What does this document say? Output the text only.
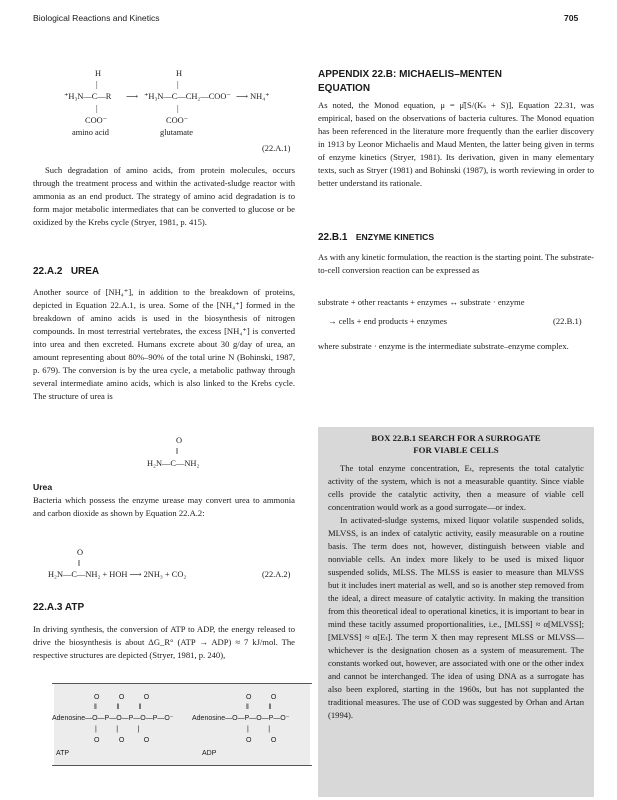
Biological Reactions and Kinetics	705
H	H
|	|
⁺H₃N—C—R ⟶ ⁺H₃N—C—CH₂—COO⁻ ⟶ NH₄⁺
|	|
COO⁻	COO⁻
amino acid	glutamate
(22.A.1)

Such degradation of amino acids, from protein molecules, occurs through the treatment process and within the activated-sludge reactor with ammonia as an end product. The strategy of amino acid degradation is to form major metabolic intermediates that can be converted to glucose or be oxidized by the Krebs cycle (Stryer, 1981, p. 415).

22.A.2 UREA

Another source of [NH₄⁺], in addition to the breakdown of proteins, depicted in Equation 22.A.1, is urea. Some of the [NH₄⁺] formed in the breakdown of amino acids is used in the biosynthesis of nitrogen compounds. In most terrestrial vertebrates, the excess [NH₄⁺] is converted into urea and then excreted. Humans excrete about 30 g/day of urea, an amount representing about 80%–90% of the total urine N (Bohinski, 1987, p. 679). The conversion is by the urea cycle, a metabolic pathway through several intermediate amino acids, which is also linked to the Krebs cycle. The structure of urea is

O
‖
H₂N—C—NH₂
Urea

Bacteria which possess the enzyme urease may convert urea to ammonia and carbon dioxide as shown by Equation 22.A.2:

O
‖
H₂N—C—NH₂ + HOH ⟶ 2NH₃ + CO₂	(22.A.2)
22.A.3 ATP

In driving synthesis, the conversion of ATP to ADP, the energy released to drive the biosynthesis is about ΔG_R° (ATP → ADP) ≈ 7 kJ/mol. The respective structures are depicted (Stryer, 1981, p. 240),

O          O          O
‖          ‖          ‖
Adenosine—O—P—O—P—O—P—O⁻
|          |          |
O          O          O
O          O
‖          ‖
Adenosine—O—P—O—P—O⁻
|          |
O          O
ATP	ADP
APPENDIX 22.B: MICHAELIS–MENTEN
EQUATION

As noted, the Monod equation, μ = μ̂[S/(Kₛ + S)], Equation 22.31, was empirical, based on the observations of bacteria cultures. The Monod equation has been referenced in the literature more frequently than the earlier discovery in 1913 by Leonor Michaelis and Maud Menten, the latter being given in terms of enzyme kinetics (Stryer, 1981). Its derivation, given in many elementary texts, such as Stryer (1981) and Bohinski (1987), is worth reviewing in order to better understand its rationale.

22.B.1 ENZYME KINETICS

As with any kinetic formulation, the reaction is the starting point. The substrate-to-cell conversion reaction can be expressed as

substrate + other reactants + enzymes ↔ substrate · enzyme
→ cells + end products + enzymes	(22.B.1)

where substrate · enzyme is the intermediate substrate–enzyme complex.

BOX 22.B.1 SEARCH FOR A SURROGATE
FOR VIABLE CELLS

The total enzyme concentration, Eₜ, represents the total catalytic activity of the system, which is not a measurable quantity. Since viable cells provide the catalytic activity, then a measure of viable cell concentration would work as a good surrogate—or index.

In activated-sludge systems, mixed liquor volatile suspended solids, MLVSS, is an index of catalytic activity, easily measurable on a routine basis. The term does not, however, distinguish between viable and nonviable cells. An index more likely to be used is mixed liquor suspended solids, MLSS. The MLSS is easier to measure than MLVSS but it includes inert material as well, and so is another step removed from the ideal, a direct measure of catalytic activity. In making the transition from this theoretical ideal to operational kinetics, it is important to bear in mind these tacitly assumed proportionalities, i.e., [MLSS] ≈ α[MLVSS]; [MLVSS] ≈ α[Eₜ]. The term X then may represent MLSS or MLVSS—whichever is the designation chosen as a system of measurement. The constants worked out, however, are associated with one or the other index and cannot be interchanged. The idea of using DNA as a surrogate has also been explored, starting in the 1960s, but has not supplanted the traditional measures. The use of COD was suggested by Orhan and Artan (1994).
